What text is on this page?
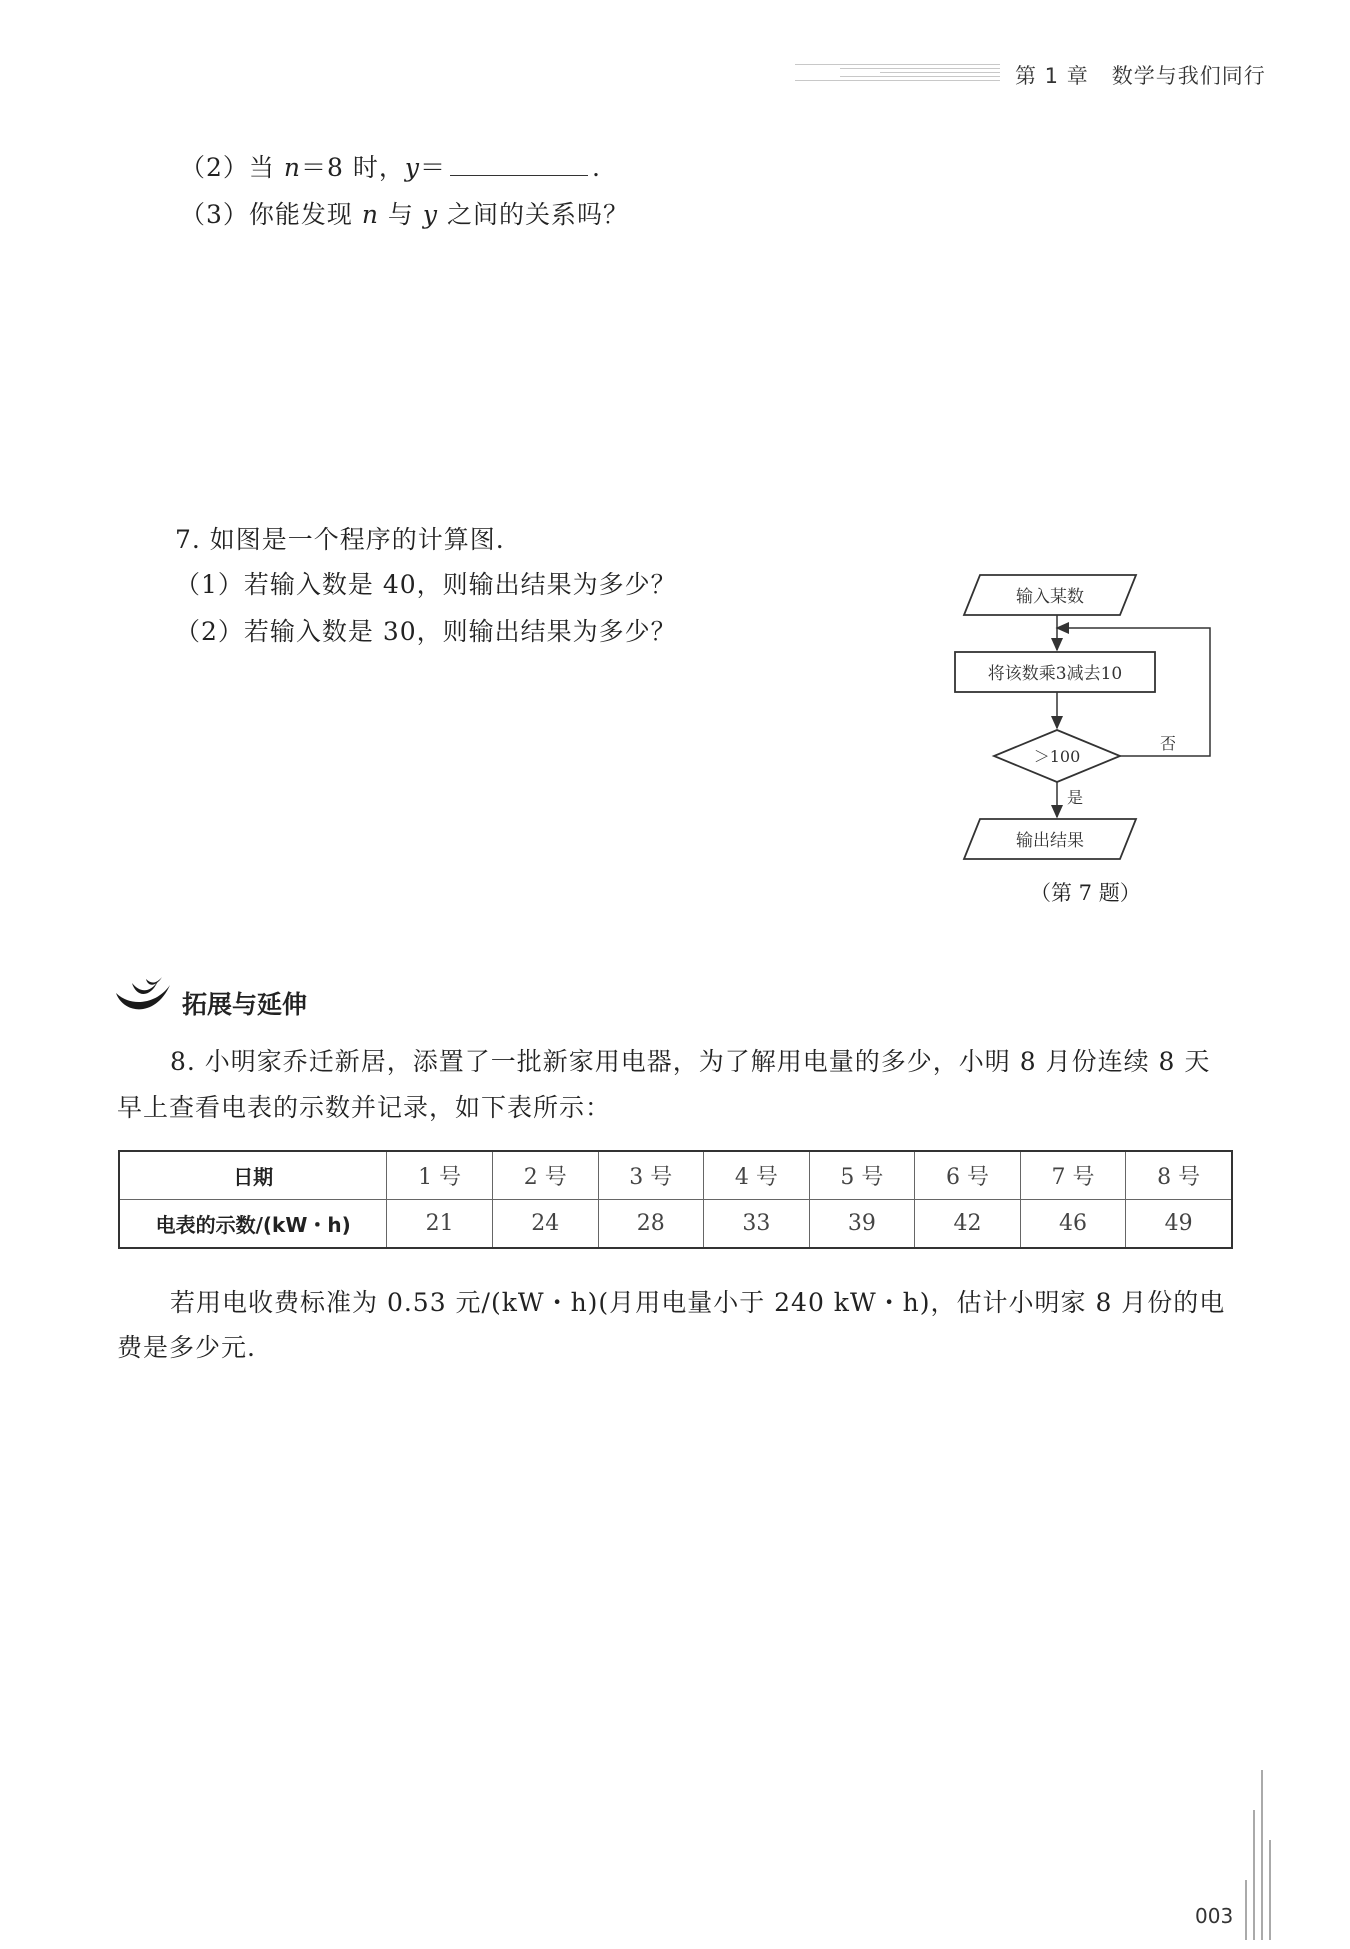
第 1 章 数学与我们同行
（2）当 n＝8 时，y＝	.
（3）你能发现 n 与 y 之间的关系吗？
7. 如图是一个程序的计算图.
（1）若输入数是 40，则输出结果为多少？
（2）若输入数是 30，则输出结果为多少？
输入某数
将该数乘3减去10
＞100
否
是
输出结果
（第 7 题）
拓展与延伸
8. 小明家乔迁新居，添置了一批新家用电器，为了解用电量的多少，小明 8 月份连续 8 天
早上查看电表的示数并记录，如下表所示：
日期	1 号	2 号	3 号	4 号	5 号	6 号	7 号	8 号
电表的示数/(kW・h)	21	24	28	33	39	42	46	49
若用电收费标准为 0.53 元/(kW・h)(月用电量小于 240 kW・h)，估计小明家 8 月份的电
费是多少元.
003
